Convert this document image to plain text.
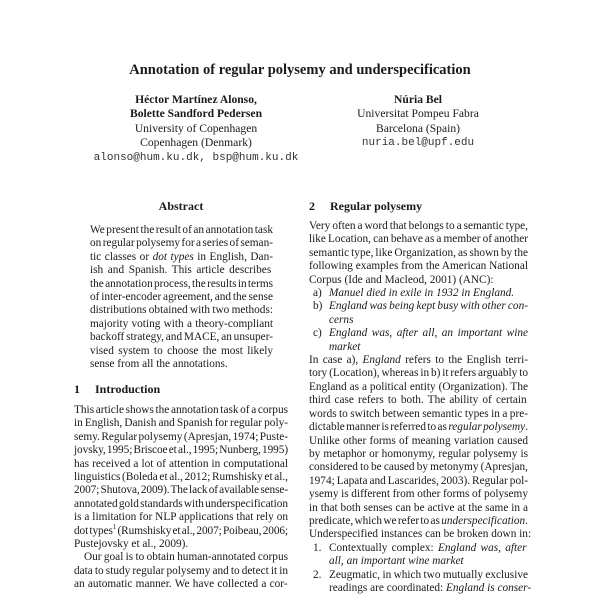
Annotation of regular polysemy and underspecification
Héctor Martínez Alonso,
Bolette Sandford Pedersen
University of Copenhagen
Copenhagen (Denmark)
alonso@hum.ku.dk, bsp@hum.ku.dk
Núria Bel
Universitat Pompeu Fabra
Barcelona (Spain)
nuria.bel@upf.edu
Abstract
We present the result of an annotation task
on regular polysemy for a series of seman-
tic classes or dot types in English, Dan-
ish and Spanish. This article describes
the annotation process, the results in terms
of inter-encoder agreement, and the sense
distributions obtained with two methods:
majority voting with a theory-compliant
backoff strategy, and MACE, an unsuper-
vised system to choose the most likely
sense from all the annotations.
1 Introduction
This article shows the annotation task of a corpus
in English, Danish and Spanish for regular poly-
semy. Regular polysemy (Apresjan, 1974; Puste-
jovsky, 1995; Briscoe et al., 1995; Nunberg, 1995)
has received a lot of attention in computational
linguistics (Boleda et al., 2012; Rumshisky et al.,
2007; Shutova, 2009). The lack of available sense-
annotated gold standards with underspecification
is a limitation for NLP applications that rely on
dot types$^1$ (Rumshisky et al., 2007; Poibeau, 2006;
Pustejovsky et al., 2009).
Our goal is to obtain human-annotated corpus
data to study regular polysemy and to detect it in
an automatic manner. We have collected a cor-
2 Regular polysemy
Very often a word that belongs to a semantic type,
like Location, can behave as a member of another
semantic type, like Organization, as shown by the
following examples from the American National
Corpus (Ide and Macleod, 2001) (ANC):
a) Manuel died in exile in 1932 in England.
b) England was being kept busy with other con-
cerns
c) England was, after all, an important wine
market
In case a), England refers to the English terri-
tory (Location), whereas in b) it refers arguably to
England as a political entity (Organization). The
third case refers to both. The ability of certain
words to switch between semantic types in a pre-
dictable manner is referred to as regular polysemy.
Unlike other forms of meaning variation caused
by metaphor or homonymy, regular polysemy is
considered to be caused by metonymy (Apresjan,
1974; Lapata and Lascarides, 2003). Regular pol-
ysemy is different from other forms of polysemy
in that both senses can be active at the same in a
predicate, which we refer to as underspecification.
Underspecified instances can be broken down in:
1. Contextually complex: England was, after
all, an important wine market
2. Zeugmatic, in which two mutually exclusive
readings are coordinated: England is conser-
